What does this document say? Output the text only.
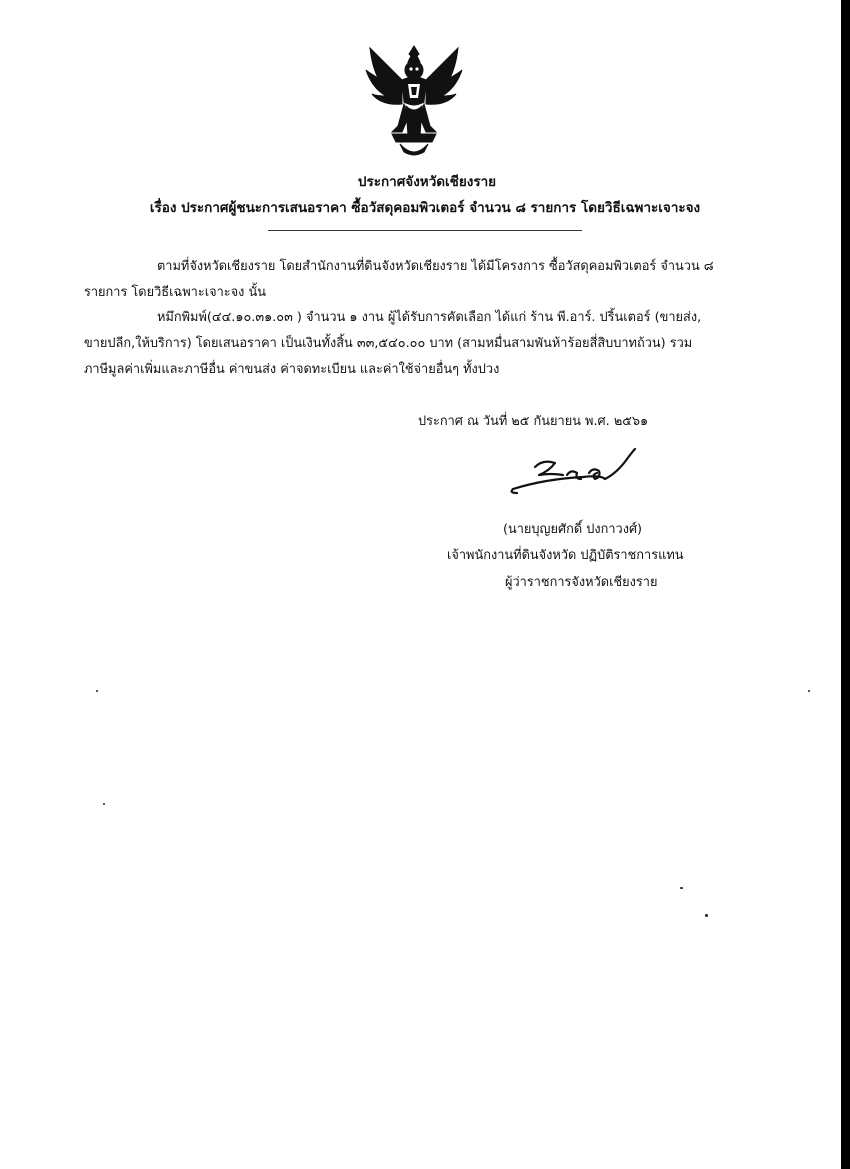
ประกาศจังหวัดเชียงราย
เรื่อง ประกาศผู้ชนะการเสนอราคา ซื้อวัสดุคอมพิวเตอร์ จำนวน ๘ รายการ โดยวิธีเฉพาะเจาะจง
ตามที่จังหวัดเชียงราย โดยสำนักงานที่ดินจังหวัดเชียงราย ได้มีโครงการ ซื้อวัสดุคอมพิวเตอร์ จำนวน ๘
รายการ โดยวิธีเฉพาะเจาะจง นั้น
หมึกพิมพ์(๔๔.๑๐.๓๑.๐๓ ) จำนวน ๑ งาน ผู้ได้รับการคัดเลือก ได้แก่ ร้าน พี.อาร์. ปริ้นเตอร์ (ขายส่ง,
ขายปลีก,ให้บริการ) โดยเสนอราคา เป็นเงินทั้งสิ้น ๓๓,๕๔๐.๐๐ บาท (สามหมื่นสามพันห้าร้อยสี่สิบบาทถ้วน) รวม
ภาษีมูลค่าเพิ่มและภาษีอื่น ค่าขนส่ง ค่าจดทะเบียน และค่าใช้จ่ายอื่นๆ ทั้งปวง
ประกาศ ณ วันที่ ๒๕ กันยายน พ.ศ. ๒๕๖๑
(นายบุญยศักดิ์ ปงกาวงศ์)
เจ้าพนักงานที่ดินจังหวัด ปฏิบัติราชการแทน
ผู้ว่าราชการจังหวัดเชียงราย
